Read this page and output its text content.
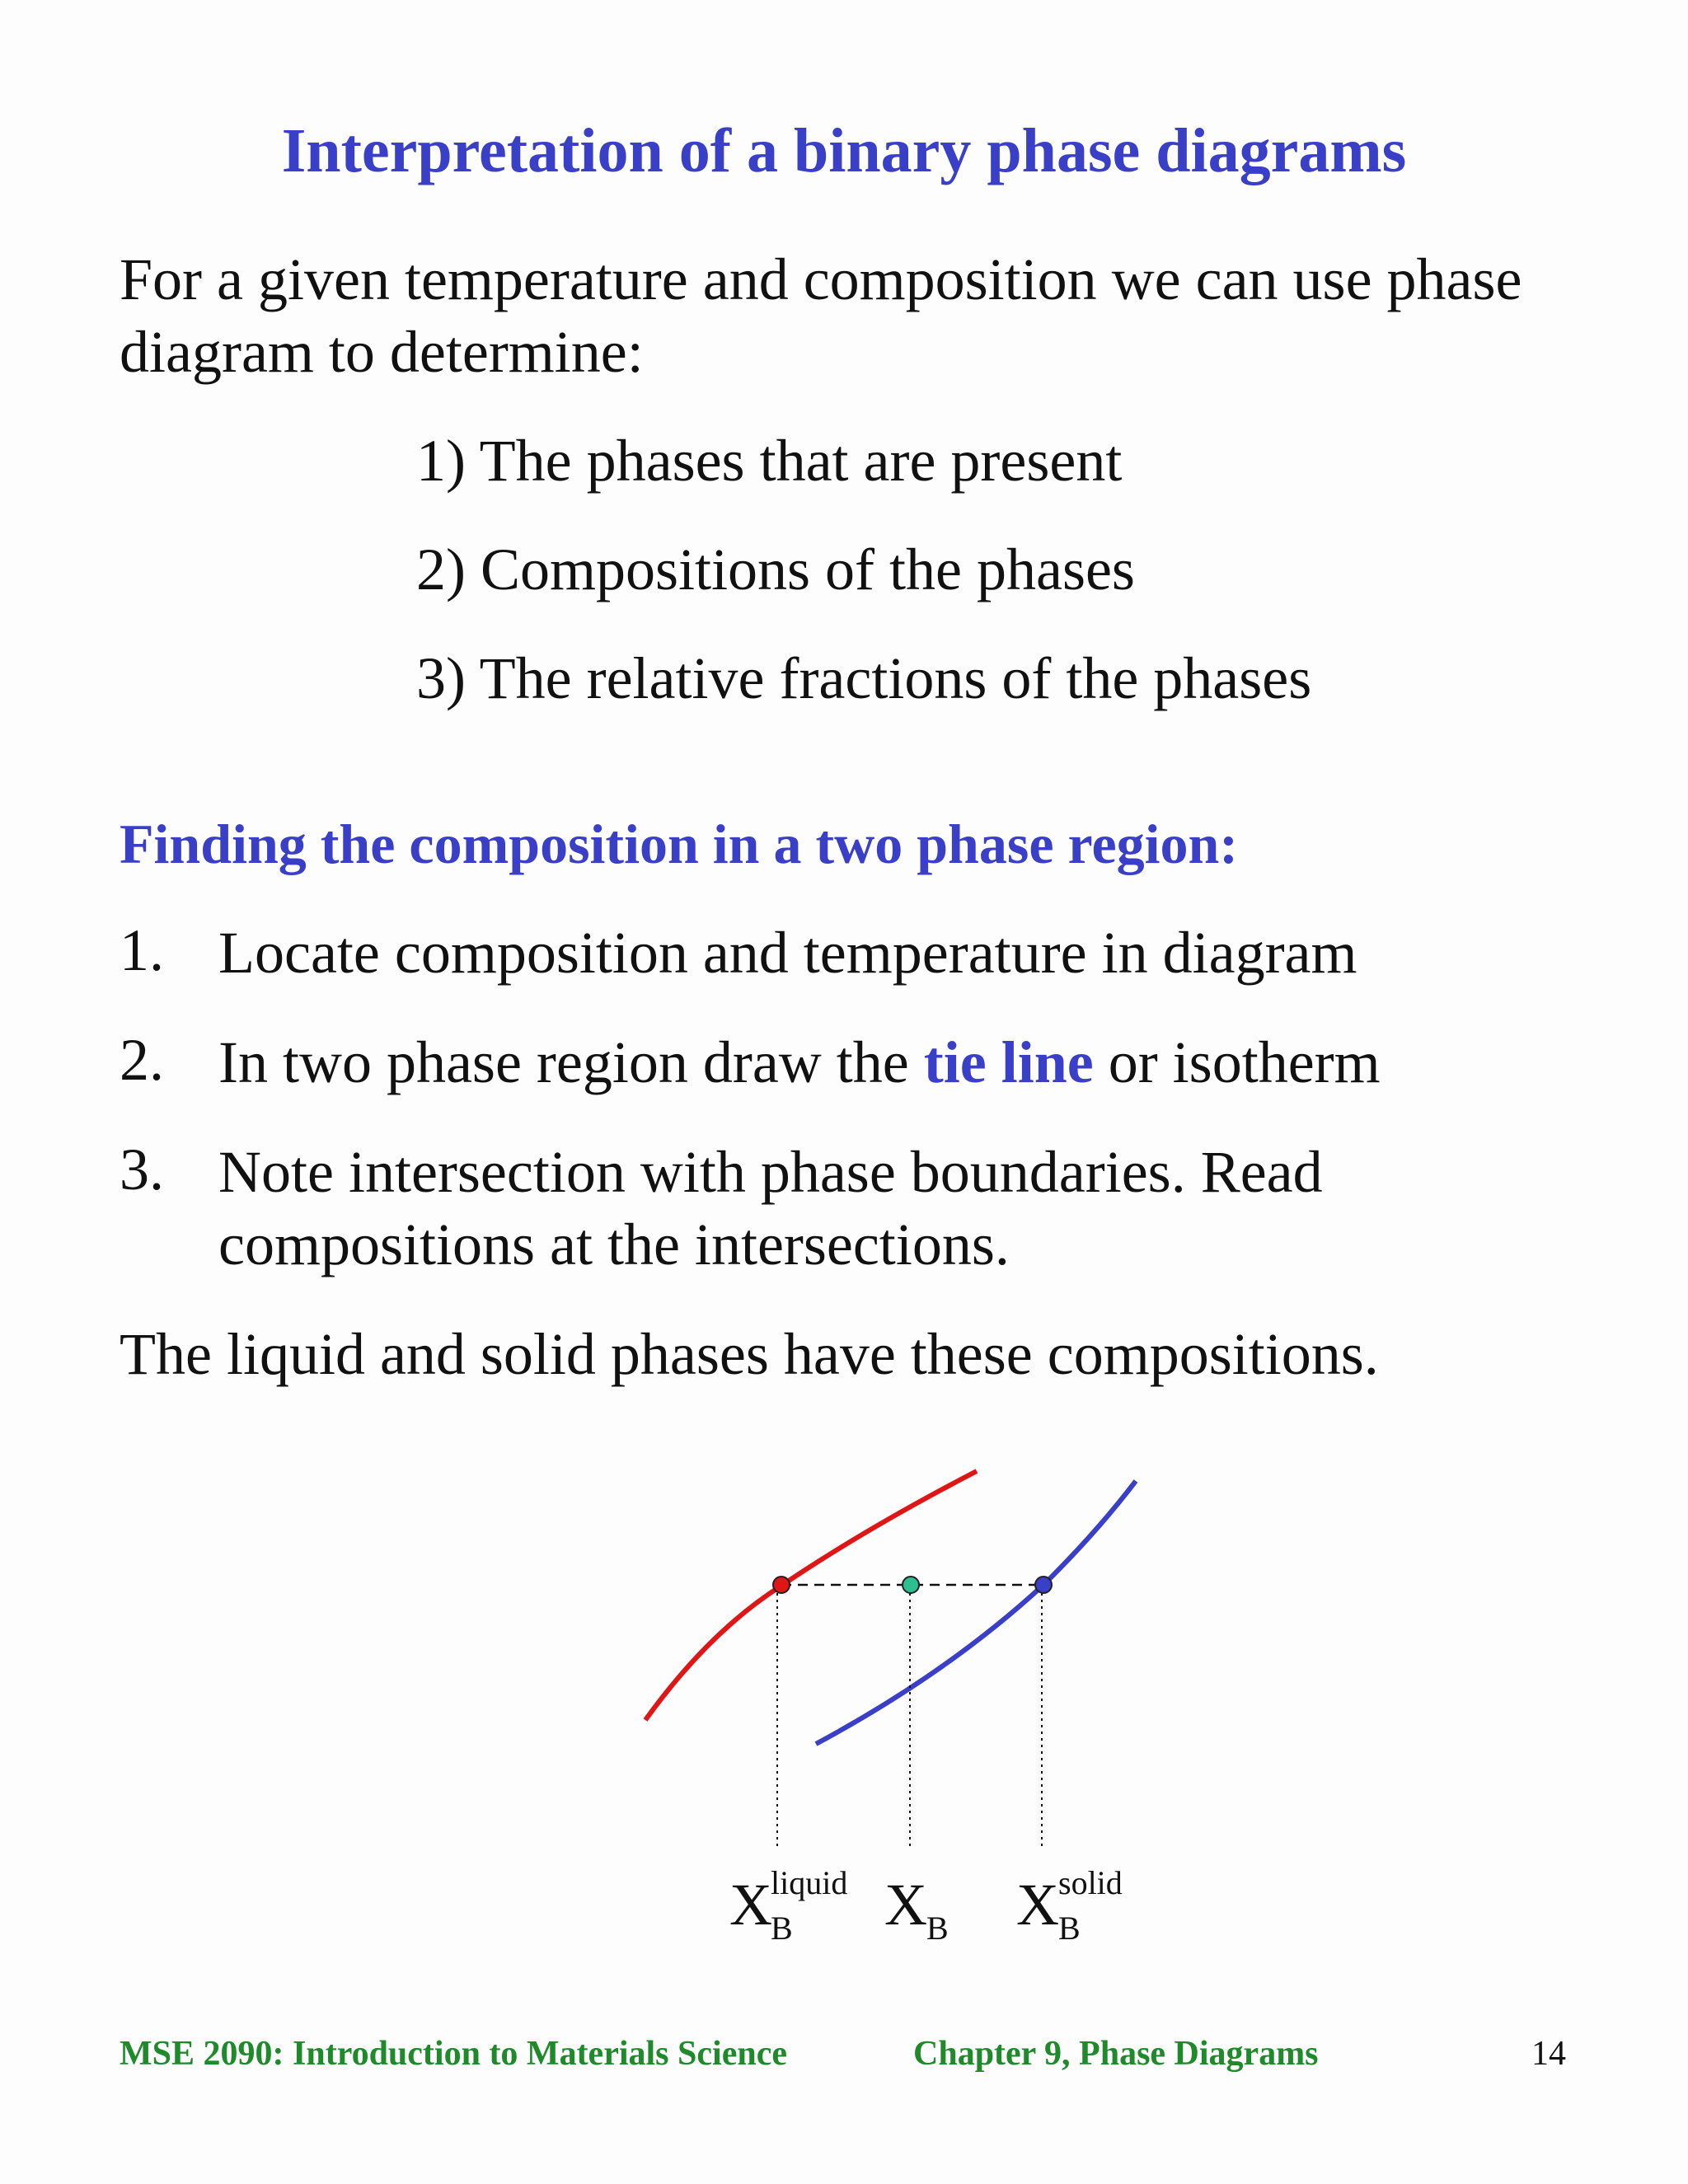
Interpretation of a binary phase diagrams
For a given temperature and composition we can use phase
diagram to determine:
1) The phases that are present
2) Compositions of the phases
3) The relative fractions of the phases
Finding the composition in a two phase region:
1. Locate composition and temperature in diagram
2. In two phase region draw the tie line or isotherm
3. Note intersection with phase boundaries. Read
compositions at the intersections.
The liquid and solid phases have these compositions.
X
B
liquid X B X B
solid
MSE 2090: Introduction to Materials Science	Chapter 9, Phase Diagrams	14
